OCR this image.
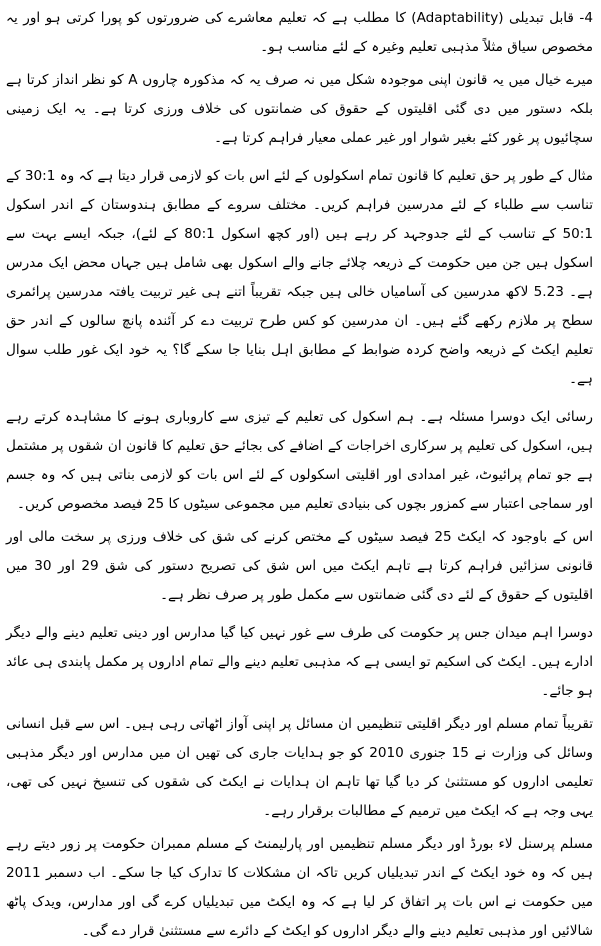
4- قابل تبدیلی (Adaptability) کا مطلب ہے کہ تعلیم معاشرے کی ضرورتوں کو پورا کرتی ہو اور یہ مخصوص سیاق مثلاً مذہبی تعلیم وغیرہ کے لئے مناسب ہو۔

میرے خیال میں یہ قانون اپنی موجودہ شکل میں نہ صرف یہ کہ مذکورہ چاروں A کو نظر انداز کرتا ہے بلکہ دستور میں دی گئی اقلیتوں کے حقوق کی ضمانتوں کی خلاف ورزی کرتا ہے۔ یہ ایک زمینی سچائیوں پر غور کئے بغیر شوار اور غیر عملی معیار فراہم کرتا ہے۔

مثال کے طور پر حق تعلیم کا قانون تمام اسکولوں کے لئے اس بات کو لازمی قرار دیتا ہے کہ وہ 30:1 کے تناسب سے طلباء کے لئے مدرسین فراہم کریں۔ مختلف سروے کے مطابق ہندوستان کے اندر اسکول 50:1 کے تناسب کے لئے جدوجہد کر رہے ہیں (اور کچھ اسکول 80:1 کے لئے)، جبکہ ایسے بہت سے اسکول ہیں جن میں حکومت کے ذریعہ چلائے جانے والے اسکول بھی شامل ہیں جہاں محض ایک مدرس ہے۔ 5.23 لاکھ مدرسین کی آسامیاں خالی ہیں جبکہ تقریباً اتنے ہی غیر تربیت یافتہ مدرسین پرائمری سطح پر ملازم رکھے گئے ہیں۔ ان مدرسین کو کس طرح تربیت دے کر آئندہ پانچ سالوں کے اندر حق تعلیم ایکٹ کے ذریعہ واضح کردہ ضوابط کے مطابق اہل بنایا جا سکے گا؟ یہ خود ایک غور طلب سوال ہے۔

رسائی ایک دوسرا مسئلہ ہے۔ ہم اسکول کی تعلیم کے تیزی سے کاروباری ہونے کا مشاہدہ کرتے رہے ہیں، اسکول کی تعلیم پر سرکاری اخراجات کے اضافے کی بجائے حق تعلیم کا قانون ان شقوں پر مشتمل ہے جو تمام پرائیوٹ، غیر امدادی اور اقلیتی اسکولوں کے لئے اس بات کو لازمی بناتی ہیں کہ وہ جسم اور سماجی اعتبار سے کمزور بچوں کی بنیادی تعلیم میں مجموعی سیٹوں کا 25 فیصد مخصوص کریں۔

اس کے باوجود کہ ایکٹ 25 فیصد سیٹوں کے مختص کرنے کی شق کی خلاف ورزی پر سخت مالی اور قانونی سزائیں فراہم کرتا ہے تاہم ایکٹ میں اس شق کی تصریح دستور کی شق 29 اور 30 میں اقلیتوں کے حقوق کے لئے دی گئی ضمانتوں سے مکمل طور پر صرف نظر ہے۔

دوسرا اہم میدان جس پر حکومت کی طرف سے غور نہیں کیا گیا مدارس اور دینی تعلیم دینے والے دیگر ادارے ہیں۔ ایکٹ کی اسکیم تو ایسی ہے کہ مذہبی تعلیم دینے والے تمام اداروں پر مکمل پابندی ہی عائد ہو جائے۔

تقریباً تمام مسلم اور دیگر اقلیتی تنظیمیں ان مسائل پر اپنی آواز اٹھاتی رہی ہیں۔ اس سے قبل انسانی وسائل کی وزارت نے 15 جنوری 2010 کو جو ہدایات جاری کی تھیں ان میں مدارس اور دیگر مذہبی تعلیمی اداروں کو مستثنیٰ کر دیا گیا تھا تاہم ان ہدایات نے ایکٹ کی شقوں کی تنسیخ نہیں کی تھی، یہی وجہ ہے کہ ایکٹ میں ترمیم کے مطالبات برقرار رہے۔

مسلم پرسنل لاء بورڈ اور دیگر مسلم تنظیمیں اور پارلیمنٹ کے مسلم ممبران حکومت پر زور دیتے رہے ہیں کہ وہ خود ایکٹ کے اندر تبدیلیاں کریں تاکہ ان مشکلات کا تدارک کیا جا سکے۔ اب دسمبر 2011 میں حکومت نے اس بات پر اتفاق کر لیا ہے کہ وہ ایکٹ میں تبدیلیاں کرے گی اور مدارس، ویدک پاٹھ شالائیں اور مذہبی تعلیم دینے والے دیگر اداروں کو ایکٹ کے دائرے سے مستثنیٰ قرار دے گی۔
